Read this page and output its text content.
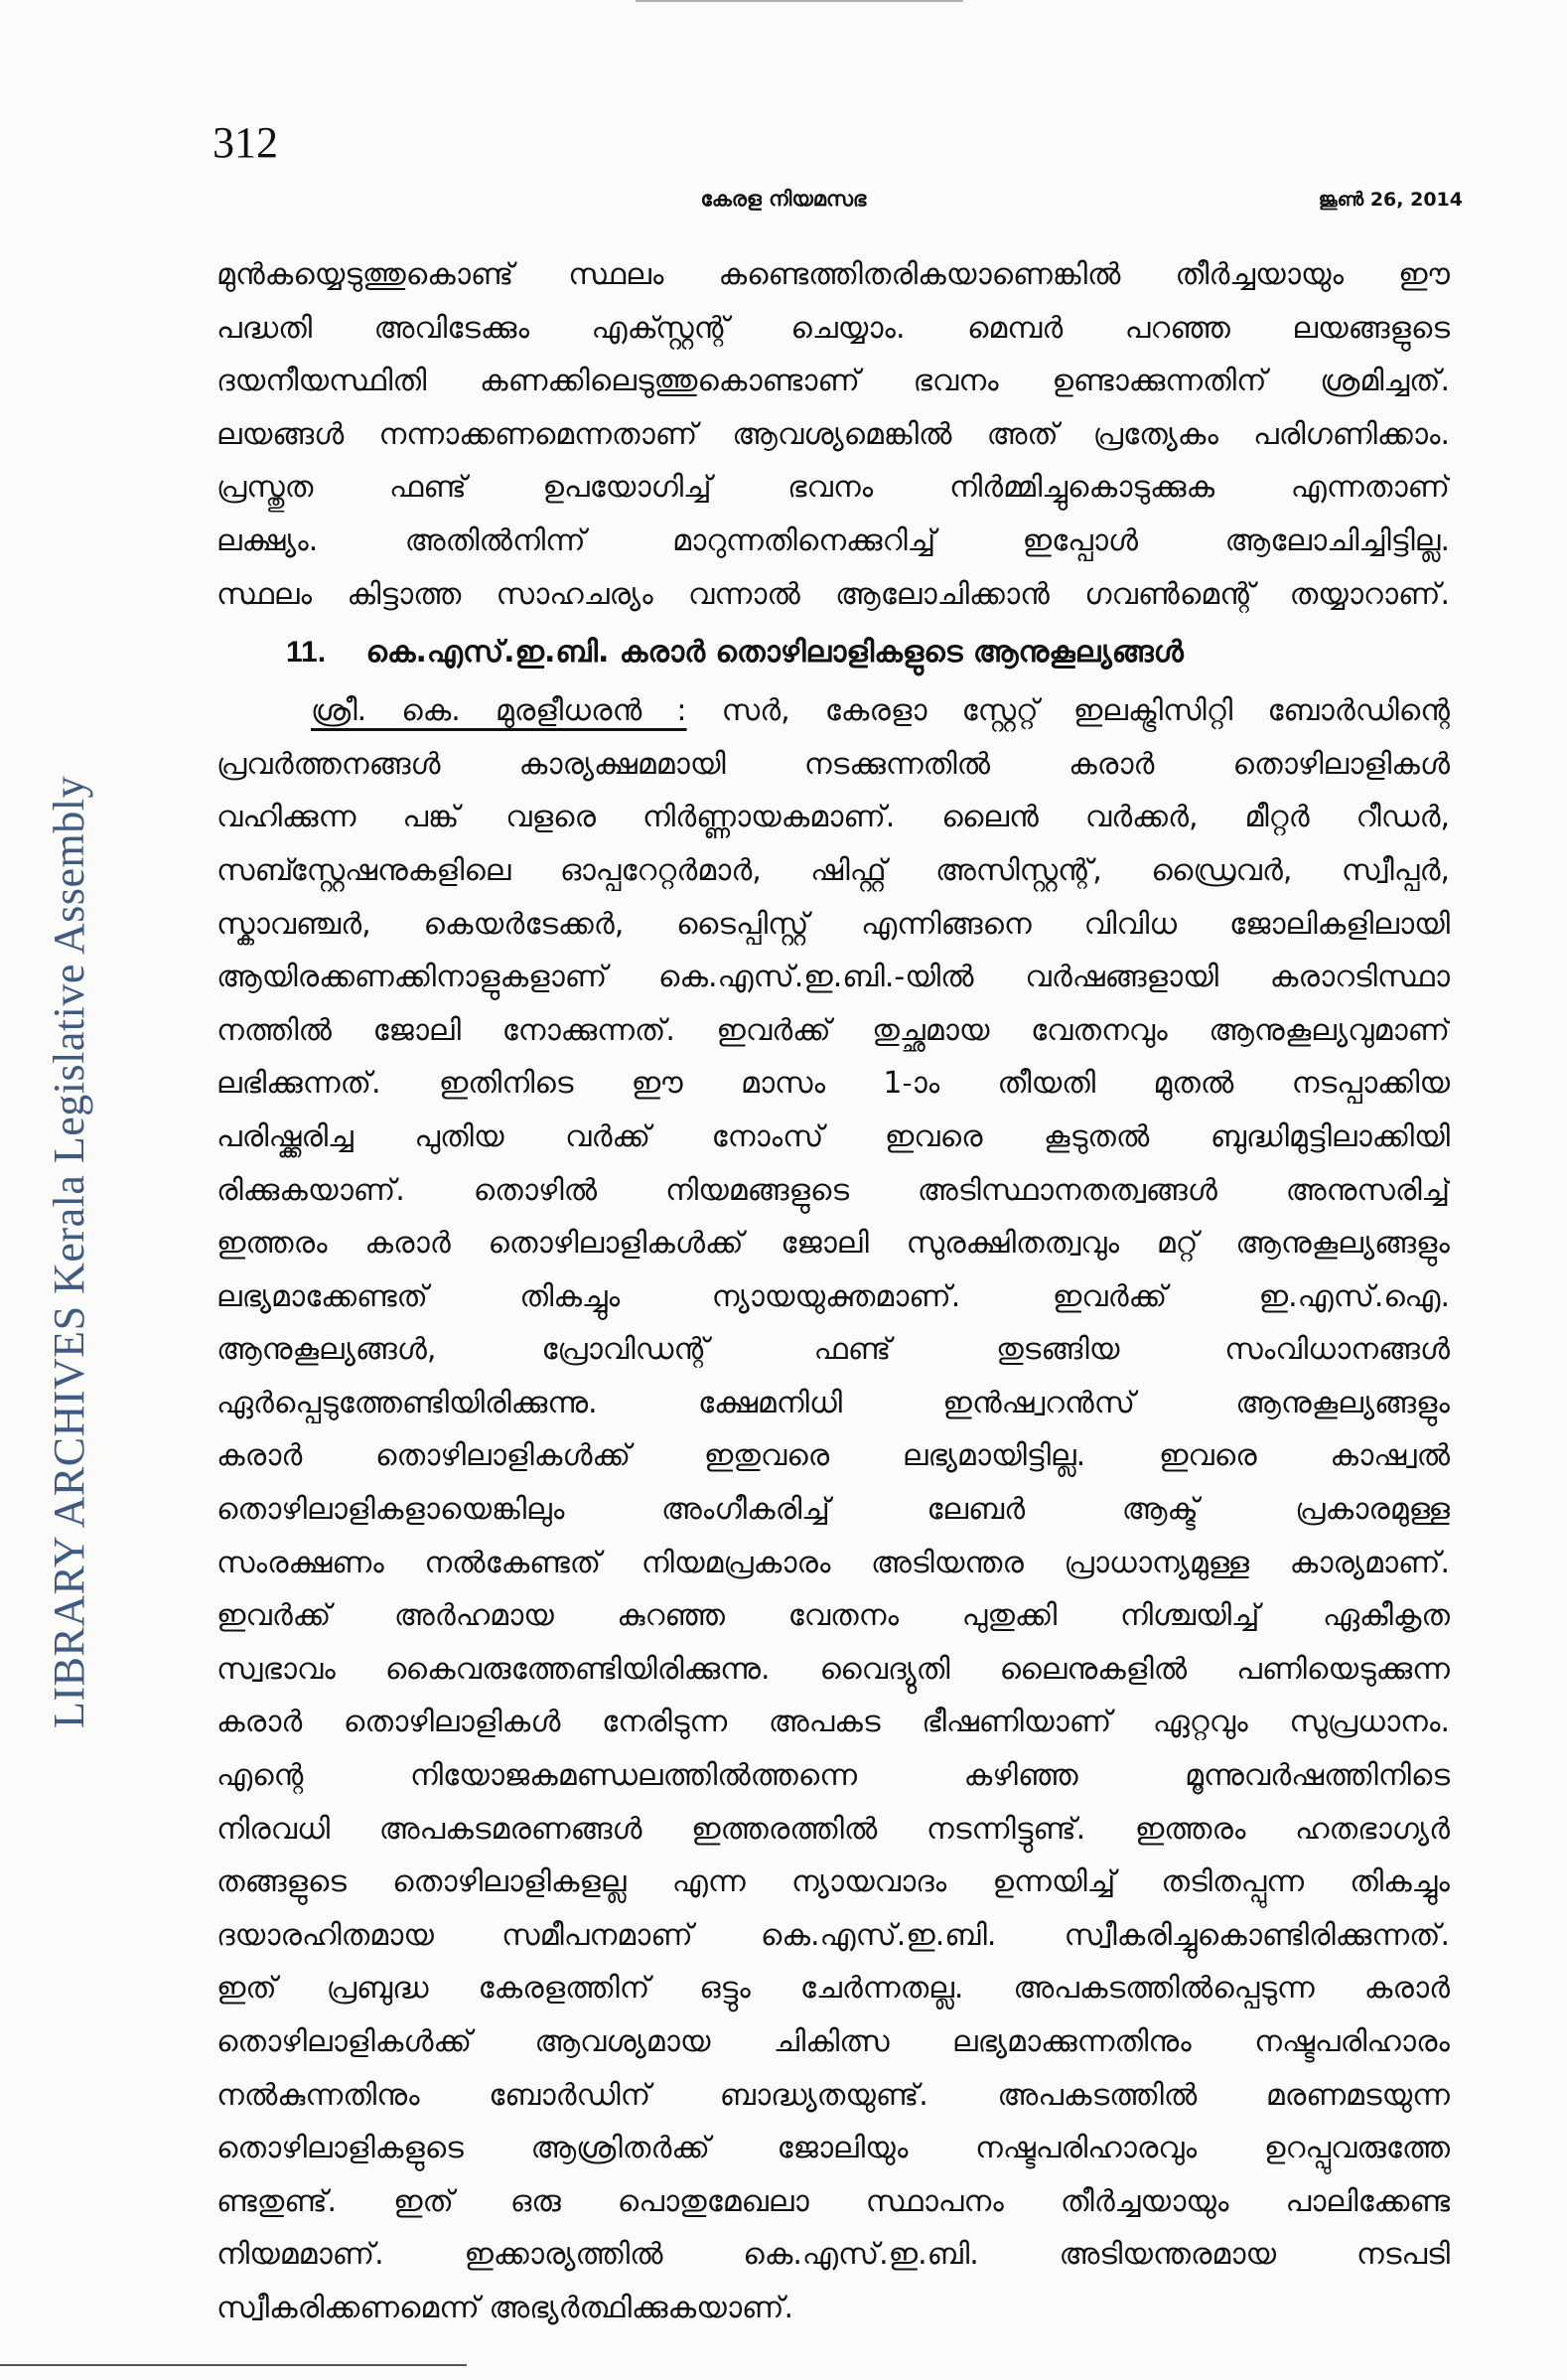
312
കേരള നിയമസഭ	ജൂൺ 26, 2014
LIBRARY ARCHIVES Kerala Legislative Assembly
മുൻകയ്യെടുത്തുകൊണ്ട് സ്ഥലം കണ്ടെത്തിതരികയാണെങ്കിൽ തീർച്ചയായും ഈ
പദ്ധതി അവിടേക്കും എക്സ്റ്റന്റ് ചെയ്യാം. മെമ്പർ പറഞ്ഞ ലയങ്ങളുടെ
ദയനീയസ്ഥിതി കണക്കിലെടുത്തുകൊണ്ടാണ് ഭവനം ഉണ്ടാക്കുന്നതിന് ശ്രമിച്ചത്.
ലയങ്ങൾ നന്നാക്കണമെന്നതാണ് ആവശ്യമെങ്കിൽ അത് പ്രത്യേകം പരിഗണിക്കാം.
പ്രസ്തുത ഫണ്ട് ഉപയോഗിച്ച് ഭവനം നിർമ്മിച്ചുകൊടുക്കുക എന്നതാണ്
ലക്ഷ്യം. അതിൽനിന്ന് മാറുന്നതിനെക്കുറിച്ച് ഇപ്പോൾ ആലോചിച്ചിട്ടില്ല.
സ്ഥലം കിട്ടാത്ത സാഹചര്യം വന്നാൽ ആലോചിക്കാൻ ഗവൺമെന്റ് തയ്യാറാണ്.
11. കെ.എസ്.ഇ.ബി. കരാർ തൊഴിലാളികളുടെ ആനുകൂല്യങ്ങൾ
ശ്രീ. കെ. മുരളീധരൻ : സർ, കേരളാ സ്റ്റേറ്റ് ഇലക്ട്രിസിറ്റി ബോർഡിന്റെ
പ്രവർത്തനങ്ങൾ കാര്യക്ഷമമായി നടക്കുന്നതിൽ കരാർ തൊഴിലാളികൾ
വഹിക്കുന്ന പങ്ക് വളരെ നിർണ്ണായകമാണ്. ലൈൻ വർക്കർ, മീറ്റർ റീഡർ,
സബ്സ്റ്റേഷനുകളിലെ ഓപ്പറേറ്റർമാർ, ഷിഫ്റ്റ് അസിസ്റ്റന്റ്, ഡ്രൈവർ, സ്വീപ്പർ,
സ്കാവഞ്ചർ, കെയർടേക്കർ, ടൈപ്പിസ്റ്റ് എന്നിങ്ങനെ വിവിധ ജോലികളിലായി
ആയിരക്കണക്കിനാളുകളാണ് കെ.എസ്.ഇ.ബി.-യിൽ വർഷങ്ങളായി കരാറടിസ്ഥാ
നത്തിൽ ജോലി നോക്കുന്നത്. ഇവർക്ക് തുച്ഛമായ വേതനവും ആനുകൂല്യവുമാണ്
ലഭിക്കുന്നത്. ഇതിനിടെ ഈ മാസം 1-ാം തീയതി മുതൽ നടപ്പാക്കിയ
പരിഷ്ക്കരിച്ച പുതിയ വർക്ക് നോംസ് ഇവരെ കൂടുതൽ ബുദ്ധിമുട്ടിലാക്കിയി
രിക്കുകയാണ്. തൊഴിൽ നിയമങ്ങളുടെ അടിസ്ഥാനതത്വങ്ങൾ അനുസരിച്ച്
ഇത്തരം കരാർ തൊഴിലാളികൾക്ക് ജോലി സുരക്ഷിതത്വവും മറ്റ് ആനുകൂല്യങ്ങളും
ലഭ്യമാക്കേണ്ടത് തികച്ചും ന്യായയുക്തമാണ്. ഇവർക്ക് ഇ.എസ്.ഐ.
ആനുകൂല്യങ്ങൾ, പ്രോവിഡന്റ് ഫണ്ട് തുടങ്ങിയ സംവിധാനങ്ങൾ
ഏർപ്പെടുത്തേണ്ടിയിരിക്കുന്നു. ക്ഷേമനിധി ഇൻഷ്വറൻസ് ആനുകൂല്യങ്ങളും
കരാർ തൊഴിലാളികൾക്ക് ഇതുവരെ ലഭ്യമായിട്ടില്ല. ഇവരെ കാഷ്വൽ
തൊഴിലാളികളായെങ്കിലും അംഗീകരിച്ച് ലേബർ ആക്ട് പ്രകാരമുള്ള
സംരക്ഷണം നൽകേണ്ടത് നിയമപ്രകാരം അടിയന്തര പ്രാധാന്യമുള്ള കാര്യമാണ്.
ഇവർക്ക് അർഹമായ കുറഞ്ഞ വേതനം പുതുക്കി നിശ്ചയിച്ച് ഏകീകൃത
സ്വഭാവം കൈവരുത്തേണ്ടിയിരിക്കുന്നു. വൈദ്യുതി ലൈനുകളിൽ പണിയെടുക്കുന്ന
കരാർ തൊഴിലാളികൾ നേരിടുന്ന അപകട ഭീഷണിയാണ് ഏറ്റവും സുപ്രധാനം.
എന്റെ നിയോജകമണ്ഡലത്തിൽത്തന്നെ കഴിഞ്ഞ മൂന്നുവർഷത്തിനിടെ
നിരവധി അപകടമരണങ്ങൾ ഇത്തരത്തിൽ നടന്നിട്ടുണ്ട്. ഇത്തരം ഹതഭാഗ്യർ
തങ്ങളുടെ തൊഴിലാളികളല്ല എന്ന ന്യായവാദം ഉന്നയിച്ച് തടിതപ്പുന്ന തികച്ചും
ദയാരഹിതമായ സമീപനമാണ് കെ.എസ്.ഇ.ബി. സ്വീകരിച്ചുകൊണ്ടിരിക്കുന്നത്.
ഇത് പ്രബുദ്ധ കേരളത്തിന് ഒട്ടും ചേർന്നതല്ല. അപകടത്തിൽപ്പെടുന്ന കരാർ
തൊഴിലാളികൾക്ക് ആവശ്യമായ ചികിത്സ ലഭ്യമാക്കുന്നതിനും നഷ്ടപരിഹാരം
നൽകുന്നതിനും ബോർഡിന് ബാദ്ധ്യതയുണ്ട്. അപകടത്തിൽ മരണമടയുന്ന
തൊഴിലാളികളുടെ ആശ്രിതർക്ക് ജോലിയും നഷ്ടപരിഹാരവും ഉറപ്പുവരുത്തേ
ണ്ടതുണ്ട്. ഇത് ഒരു പൊതുമേഖലാ സ്ഥാപനം തീർച്ചയായും പാലിക്കേണ്ട
നിയമമാണ്. ഇക്കാര്യത്തിൽ കെ.എസ്.ഇ.ബി. അടിയന്തരമായ നടപടി
സ്വീകരിക്കണമെന്ന് അഭ്യർത്ഥിക്കുകയാണ്.
